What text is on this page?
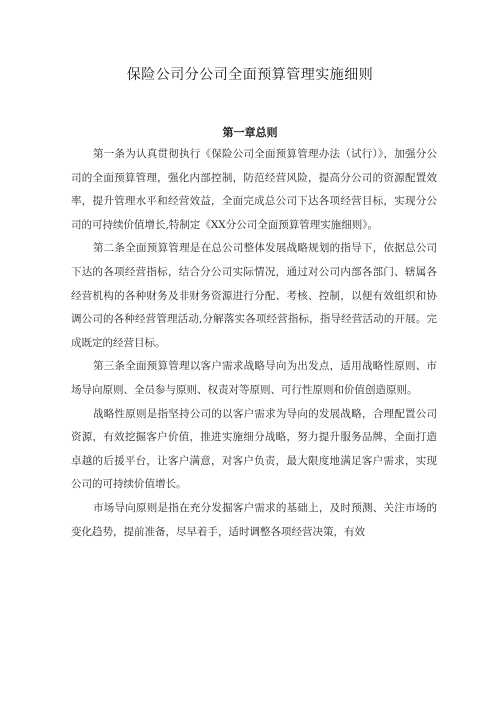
保险公司分公司全面预算管理实施细则
第一章总则

第一条为认真贯彻执行《保险公司全面预算管理办法（试行）》，加强分公司的全面预算管理，强化内部控制，防范经营风险，提高分公司的资源配置效率，提升管理水平和经营效益，全面完成总公司下达各项经营目标，实现分公司的可持续价值增长,特制定《XX分公司全面预算管理实施细则》。

第二条全面预算管理是在总公司整体发展战略规划的指导下，依据总公司下达的各项经营指标，结合分公司实际情况，通过对公司内部各部门、辖属各经营机构的各种财务及非财务资源进行分配、考核、控制，以便有效组织和协调公司的各种经营管理活动,分解落实各项经营指标，指导经营活动的开展。完成既定的经营目标。

第三条全面预算管理以客户需求战略导向为出发点，适用战略性原则、市场导向原则、全员参与原则、权责对等原则、可行性原则和价值创造原则。

战略性原则是指坚持公司的以客户需求为导向的发展战略，合理配置公司资源，有效挖掘客户价值，推进实施细分战略，努力提升服务品牌，全面打造卓越的后援平台，让客户满意，对客户负责，最大限度地满足客户需求，实现公司的可持续价值增长。

市场导向原则是指在充分发掘客户需求的基础上，及时预测、关注市场的变化趋势，提前准备，尽早着手，适时调整各项经营决策，有效
